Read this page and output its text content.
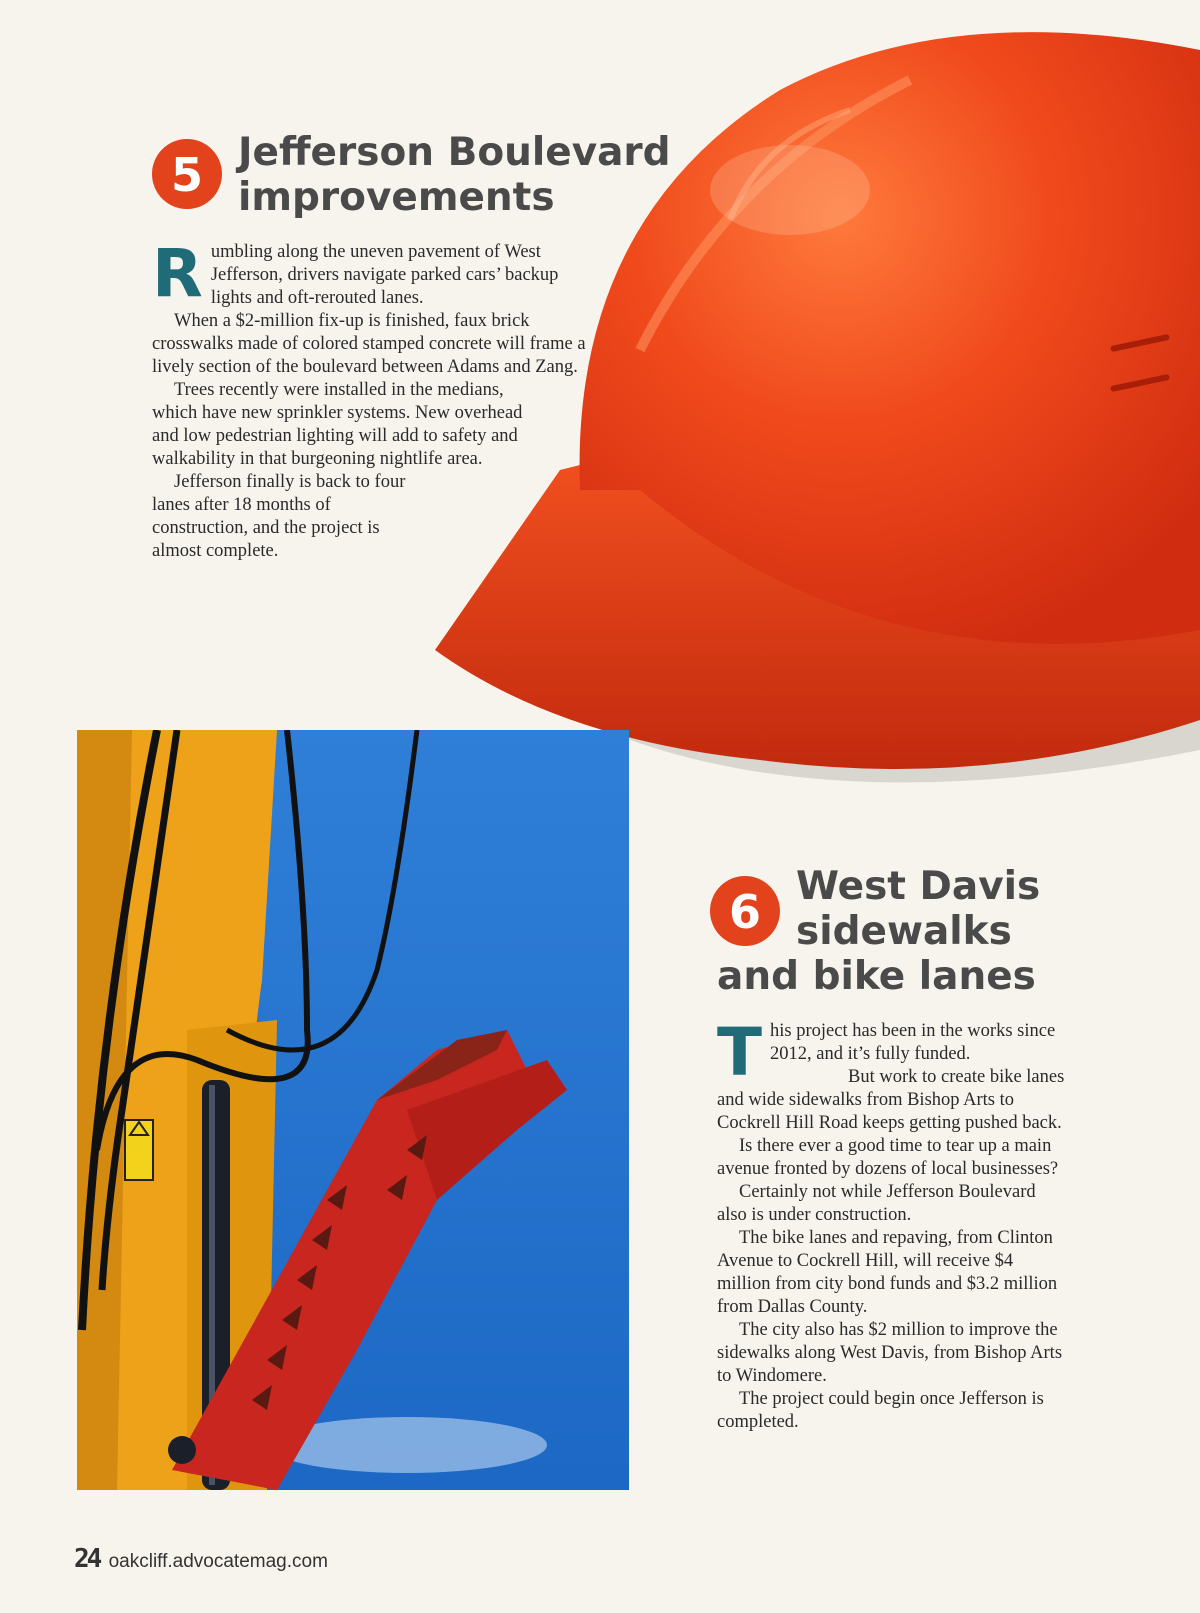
5 Jefferson Boulevard
improvements

Rumbling along the uneven pavement of West Jefferson, drivers navigate parked cars’ backup lights and oft-rerouted lanes.

When a $2-million fix-up is finished, faux brick crosswalks made of colored stamped concrete will frame a lively section of the boulevard between Adams and Zang.

Trees recently were installed in the medians, which have new sprinkler systems. New overhead and low pedestrian lighting will add to safety and walkability in that burgeoning nightlife area.

Jefferson finally is back to four lanes after 18 months of construction, and the project is almost complete.

6 West Davis
sidewalks
and bike lanes

This project has been in the works since 2012, and it’s fully funded.

But work to create bike lanes and wide sidewalks from Bishop Arts to Cockrell Hill Road keeps getting pushed back.

Is there ever a good time to tear up a main avenue fronted by dozens of local businesses?

Certainly not while Jefferson Boulevard also is under construction.

The bike lanes and repaving, from Clinton Avenue to Cockrell Hill, will receive $4 million from city bond funds and $3.2 million from Dallas County.

The city also has $2 million to improve the sidewalks along West Davis, from Bishop Arts to Windomere.

The project could begin once Jefferson is completed.

24 oakcliff.advocatemag.com
